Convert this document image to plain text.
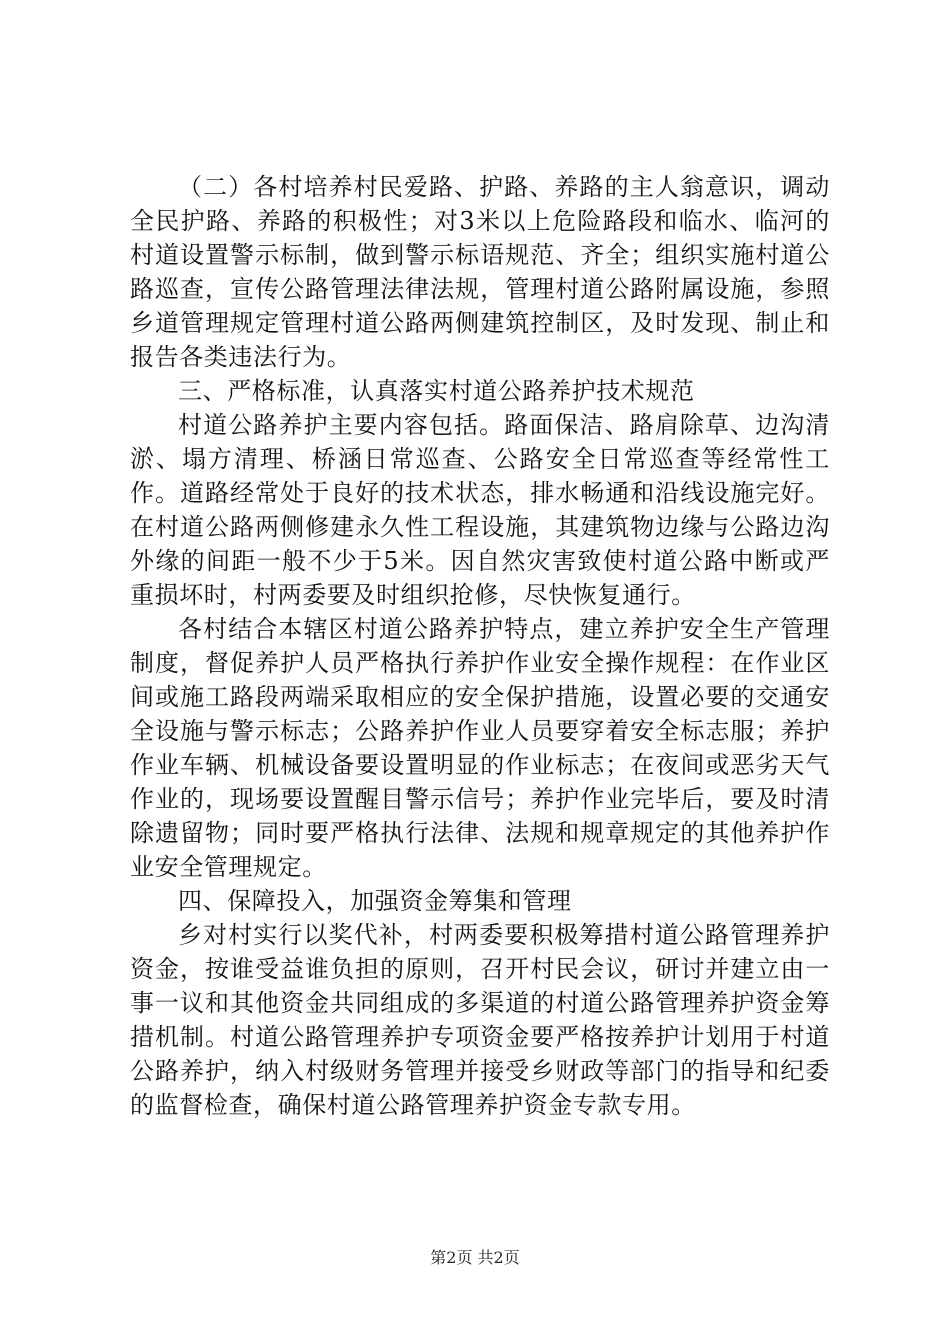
（二）各村培养村民爱路、护路、养路的主人翁意识，调动全民护路、养路的积极性；对3米以上危险路段和临水、临河的村道设置警示标制，做到警示标语规范、齐全；组织实施村道公路巡查，宣传公路管理法律法规，管理村道公路附属设施，参照乡道管理规定管理村道公路两侧建筑控制区，及时发现、制止和报告各类违法行为。

三、严格标准，认真落实村道公路养护技术规范

村道公路养护主要内容包括。路面保洁、路肩除草、边沟清淤、塌方清理、桥涵日常巡查、公路安全日常巡查等经常性工作。道路经常处于良好的技术状态，排水畅通和沿线设施完好。在村道公路两侧修建永久性工程设施，其建筑物边缘与公路边沟外缘的间距一般不少于5米。因自然灾害致使村道公路中断或严重损坏时，村两委要及时组织抢修，尽快恢复通行。

各村结合本辖区村道公路养护特点，建立养护安全生产管理制度，督促养护人员严格执行养护作业安全操作规程：在作业区间或施工路段两端采取相应的安全保护措施，设置必要的交通安全设施与警示标志；公路养护作业人员要穿着安全标志服；养护作业车辆、机械设备要设置明显的作业标志；在夜间或恶劣天气作业的，现场要设置醒目警示信号；养护作业完毕后，要及时清除遗留物；同时要严格执行法律、法规和规章规定的其他养护作业安全管理规定。

四、保障投入，加强资金筹集和管理

乡对村实行以奖代补，村两委要积极筹措村道公路管理养护资金，按谁受益谁负担的原则，召开村民会议，研讨并建立由一事一议和其他资金共同组成的多渠道的村道公路管理养护资金筹措机制。村道公路管理养护专项资金要严格按养护计划用于村道公路养护，纳入村级财务管理并接受乡财政等部门的指导和纪委的监督检查，确保村道公路管理养护资金专款专用。

第2页 共2页
